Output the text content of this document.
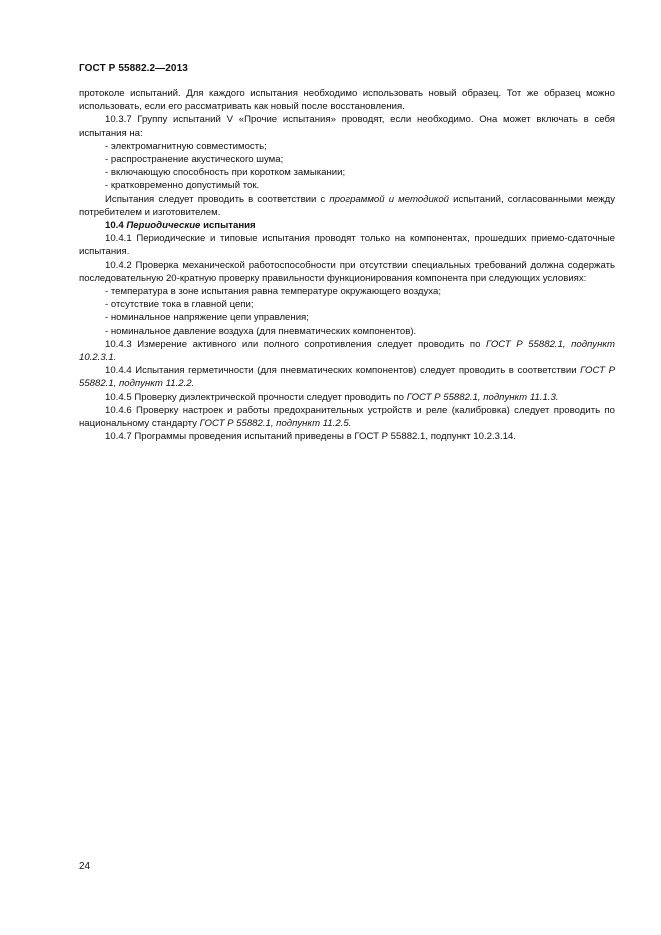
ГОСТ Р 55882.2—2013

протоколе испытаний. Для каждого испытания необходимо использовать новый образец. Тот же образец можно использовать, если его рассматривать как новый после восстановления.

10.3.7 Группу испытаний V «Прочие испытания» проводят, если необходимо. Она может включать в себя испытания на:

- электромагнитную совместимость;

- распространение акустического шума;

- включающую способность при коротком замыкании;

- кратковременно допустимый ток.

Испытания следует проводить в соответствии с программой и методикой испытаний, согласованными между потребителем и изготовителем.

10.4 Периодические испытания

10.4.1 Периодические и типовые испытания проводят только на компонентах, прошедших приемо-сдаточные испытания.

10.4.2 Проверка механической работоспособности при отсутствии специальных требований должна содержать последовательную 20-кратную проверку правильности функционирования компонента при следующих условиях:

- температура в зоне испытания равна температуре окружающего воздуха;

- отсутствие тока в главной цепи;

- номинальное напряжение цепи управления;

- номинальное давление воздуха (для пневматических компонентов).

10.4.3 Измерение активного или полного сопротивления следует проводить по ГОСТ Р 55882.1, подпункт 10.2.3.1.

10.4.4 Испытания герметичности (для пневматических компонентов) следует проводить в соответствии ГОСТ Р 55882.1, подпункт 11.2.2.

10.4.5 Проверку диэлектрической прочности следует проводить по ГОСТ Р 55882.1, подпункт 11.1.3.

10.4.6 Проверку настроек и работы предохранительных устройств и реле (калибровка) следует проводить по национальному стандарту ГОСТ Р 55882.1, подпункт 11.2.5.

10.4.7 Программы проведения испытаний приведены в ГОСТ Р 55882.1, подпункт 10.2.3.14.

24
